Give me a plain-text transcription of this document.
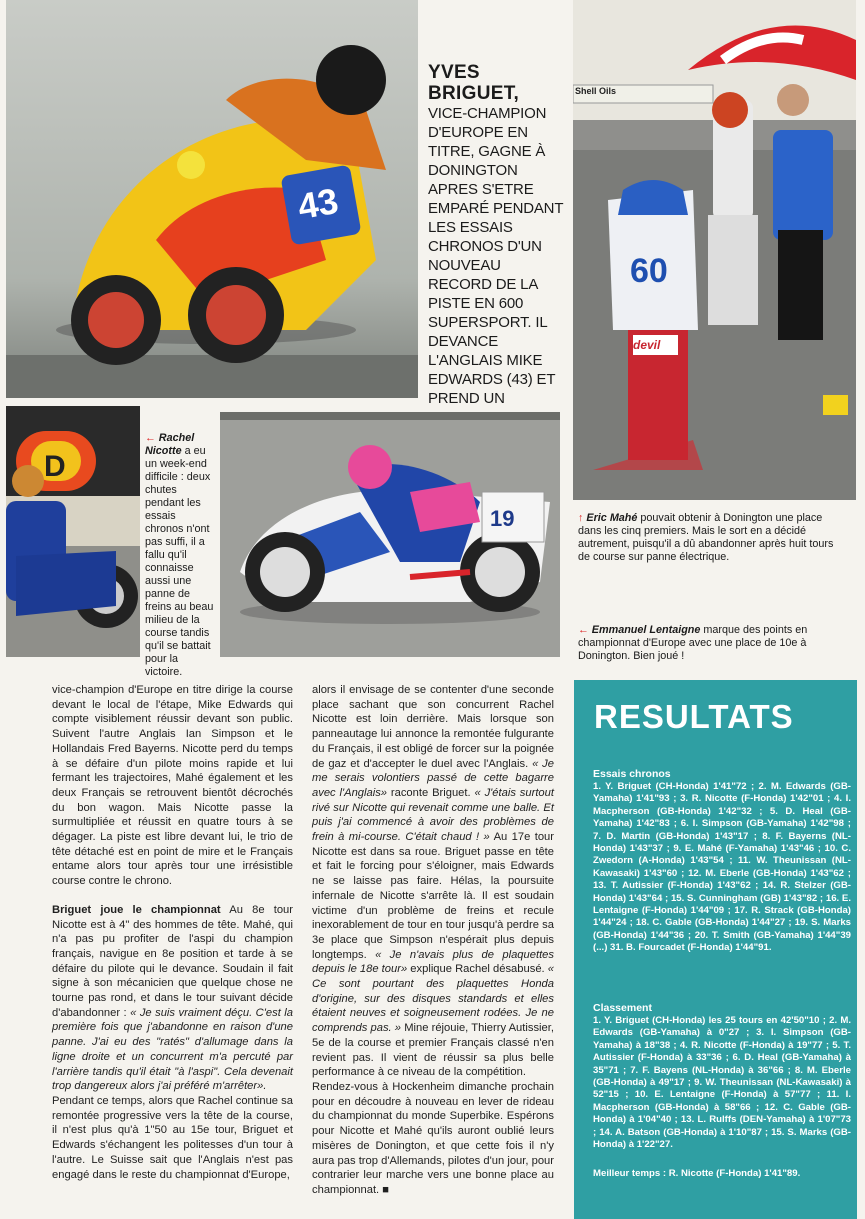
43
YVES BRIGUET,
VICE-CHAMPION D'EUROPE EN TITRE, GAGNE À DONINGTON APRES S'ETRE EMPARÉ PENDANT LES ESSAIS CHRONOS D'UN NOUVEAU RECORD DE LA PISTE EN 600 SUPERSPORT. IL DEVANCE L'ANGLAIS MIKE EDWARDS (43) ET PREND UN
Shell Oils
60
devil
D
← Rachel Nicotte a eu un week-end difficile : deux chutes pendant les essais chronos n'ont pas suffi, il a fallu qu'il connaisse aussi une panne de freins au beau milieu de la course tandis qu'il se battait pour la victoire.
19	↑ Eric Mahé pouvait obtenir à Donington une place dans les cinq premiers. Mais le sort en a décidé autrement, puisqu'il a dû abandonner après huit tours de course sur panne électrique.
← Emmanuel Lentaigne marque des points en championnat d'Europe avec une place de 10e à Donington. Bien joué !

vice-champion d'Europe en titre dirige la course devant le local de l'étape, Mike Edwards qui compte visiblement réussir devant son public. Suivent l'autre Anglais Ian Simpson et le Hollandais Fred Bayerns. Nicotte perd du temps à se défaire d'un pilote moins rapide et lui fermant les trajectoires, Mahé également et les deux Français se retrouvent bientôt décrochés du bon wagon. Mais Nicotte passe la surmultipliée et réussit en quatre tours à se dégager. La piste est libre devant lui, le trio de tête détaché est en point de mire et le Français entame alors tour après tour une irrésistible course contre le chrono.

Briguet joue le championnat Au 8e tour Nicotte est à 4" des hommes de tête. Mahé, qui n'a pas pu profiter de l'aspi du champion français, navigue en 8e position et tarde à se défaire du pilote qui le devance. Soudain il fait signe à son mécanicien que quelque chose ne tourne pas rond, et dans le tour suivant décide d'abandonner : « Je suis vraiment déçu. C'est la première fois que j'abandonne en raison d'une panne. J'ai eu des "ratés" d'allumage dans la ligne droite et un concurrent m'a percuté par l'arrière tandis qu'il était "à l'aspi". Cela devenait trop dangereux alors j'ai préféré m'arrêter».

Pendant ce temps, alors que Rachel continue sa remontée progressive vers la tête de la course, il n'est plus qu'à 1"50 au 15e tour, Briguet et Edwards s'échangent les politesses d'un tour à l'autre. Le Suisse sait que l'Anglais n'est pas engagé dans le reste du championnat d'Europe,

alors il envisage de se contenter d'une seconde place sachant que son concurrent Rachel Nicotte est loin derrière. Mais lorsque son panneautage lui annonce la remontée fulgurante du Français, il est obligé de forcer sur la poignée de gaz et d'accepter le duel avec l'Anglais. « Je me serais volontiers passé de cette bagarre avec l'Anglais» raconte Briguet. « J'étais surtout rivé sur Nicotte qui revenait comme une balle. Et puis j'ai commencé à avoir des problèmes de frein à mi-course. C'était chaud ! » Au 17e tour Nicotte est dans sa roue. Briguet passe en tête et fait le forcing pour s'éloigner, mais Edwards ne se laisse pas faire. Hélas, la poursuite infernale de Nicotte s'arrête là. Il est soudain victime d'un problème de freins et recule inexorablement de tour en tour jusqu'à perdre sa 3e place que Simpson n'espérait plus depuis longtemps. « Je n'avais plus de plaquettes depuis le 18e tour» explique Rachel désabusé. « Ce sont pourtant des plaquettes Honda d'origine, sur des disques standards et elles étaient neuves et soigneusement rodées. Je ne comprends pas. » Mine réjouie, Thierry Autissier, 5e de la course et premier Français classé n'en revient pas. Il vient de réussir sa plus belle performance à ce niveau de la compétition.

Rendez-vous à Hockenheim dimanche prochain pour en découdre à nouveau en lever de rideau du championnat du monde Superbike. Espérons pour Nicotte et Mahé qu'ils auront oublié leurs misères de Donington, et que cette fois il n'y aura pas trop d'Allemands, pilotes d'un jour, pour contrarier leur marche vers une bonne place au championnat. ■

RESULTATS
Essais chronos
1. Y. Briguet (CH-Honda) 1'41"72 ; 2. M. Edwards (GB-Yamaha) 1'41"93 ; 3. R. Nicotte (F-Honda) 1'42"01 ; 4. I. Macpherson (GB-Honda) 1'42"32 ; 5. D. Heal (GB-Yamaha) 1'42"83 ; 6. I. Simpson (GB-Yamaha) 1'42"98 ; 7. D. Martin (GB-Honda) 1'43"17 ; 8. F. Bayerns (NL-Honda) 1'43"37 ; 9. E. Mahé (F-Yamaha) 1'43"46 ; 10. C. Zwedorn (A-Honda) 1'43"54 ; 11. W. Theunissan (NL-Kawasaki) 1'43"60 ; 12. M. Eberle (GB-Honda) 1'43"62 ; 13. T. Autissier (F-Honda) 1'43"62 ; 14. R. Stelzer (GB-Honda) 1'43"64 ; 15. S. Cunningham (GB) 1'43"82 ; 16. E. Lentaigne (F-Honda) 1'44"09 ; 17. R. Strack (GB-Honda) 1'44"24 ; 18. C. Gable (GB-Honda) 1'44"27 ; 19. S. Marks (GB-Honda) 1'44"36 ; 20. T. Smith (GB-Yamaha) 1'44"39 (...) 31. B. Fourcadet (F-Honda) 1'44"91.
Classement
1. Y. Briguet (CH-Honda) les 25 tours en 42'50"10 ; 2. M. Edwards (GB-Yamaha) à 0"27 ; 3. I. Simpson (GB-Yamaha) à 18"38 ; 4. R. Nicotte (F-Honda) à 19"77 ; 5. T. Autissier (F-Honda) à 33"36 ; 6. D. Heal (GB-Yamaha) à 35"71 ; 7. F. Bayens (NL-Honda) à 36"66 ; 8. M. Eberle (GB-Honda) à 49"17 ; 9. W. Theunissan (NL-Kawasaki) à 52"15 ; 10. E. Lentaigne (F-Honda) à 57"77 ; 11. I. Macpherson (GB-Honda) à 58"66 ; 12. C. Gable (GB-Honda) à 1'04"40 ; 13. L. Rulffs (DEN-Yamaha) à 1'07"73 ; 14. A. Batson (GB-Honda) à 1'10"87 ; 15. S. Marks (GB-Honda) à 1'22"27.
Meilleur temps : R. Nicotte (F-Honda) 1'41"89.
